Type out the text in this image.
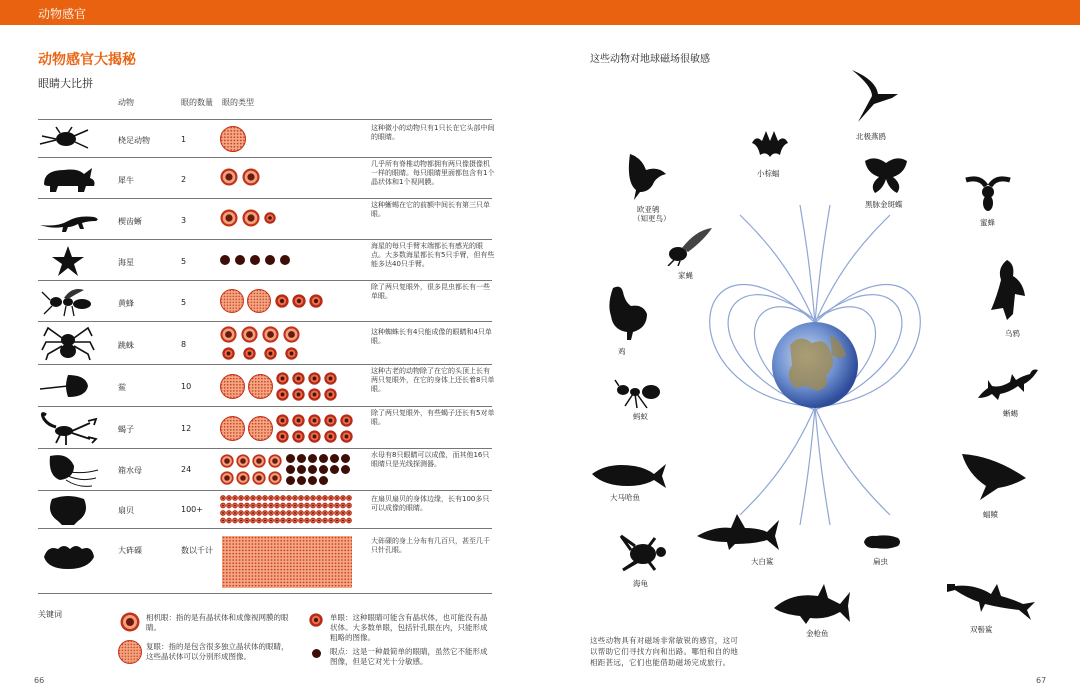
动物感官
动物感官大揭秘
眼睛大比拼
动物	眼的数量 眼的类型
桡足动物	1
这种微小的动物只有1只长在它头部中间的眼睛。
犀牛	2
几乎所有脊椎动物都拥有两只像摄像机一样的眼睛。每只眼睛里面都包含有1个晶状体和1个视网膜。
楔齿蜥	3
这种蜥蜴在它的前额中间长有第三只单眼。
海星	5
海星的每只手臂末端都长有感光的眼点。大多数海星都长有5只手臂，但有些能多达40只手臂。
黄蜂	5
除了两只复眼外，很多昆虫都长有一些单眼。
跳蛛	8
这种蜘蛛长有4只能成像的眼睛和4只单眼。
鲎	10
这种古老的动物除了在它的头顶上长有两只复眼外，在它的身体上还长着8只单眼。
蝎子	12
除了两只复眼外，有些蝎子还长有5对单眼。
箱水母	24
水母有8只眼睛可以成像，而其他16只眼睛只是光线探测器。
扇贝	100+
在扇贝扇贝的身体边缘，长有100多只可以成像的眼睛。
大砗磲	数以千计
大砗磲的身上分布有几百只，甚至几千只针孔眼。
关键词	相机眼：指的是有晶状体和成像视网膜的眼睛。
复眼：指的是包含很多独立晶状体的眼睛，这些晶状体可以分别形成图像。
单眼：这种眼睛可能含有晶状体，也可能没有晶状体。大多数单眼，包括针孔眼在内，只能形成粗略的图像。
眼点：这是一种最简单的眼睛，虽然它不能形成图像，但是它对光十分敏感。
66
这些动物对地球磁场很敏感
北极燕鸥
小棕蝠
欧亚鸲
（知更鸟）
黑脉金斑蝶
蜜蜂
家蝇
乌鸦
鸡
蚂蚁	蜥蜴
大马哈鱼
蝠鲼
大白鲨	扁虫
海龟
金枪鱼	双髻鲨
这些动物具有对磁场非常敏锐的感官，这可以帮助它们寻找方向和出路。哪怕和自的地相距甚远，它们也能借助磁场完成旅行。
67
